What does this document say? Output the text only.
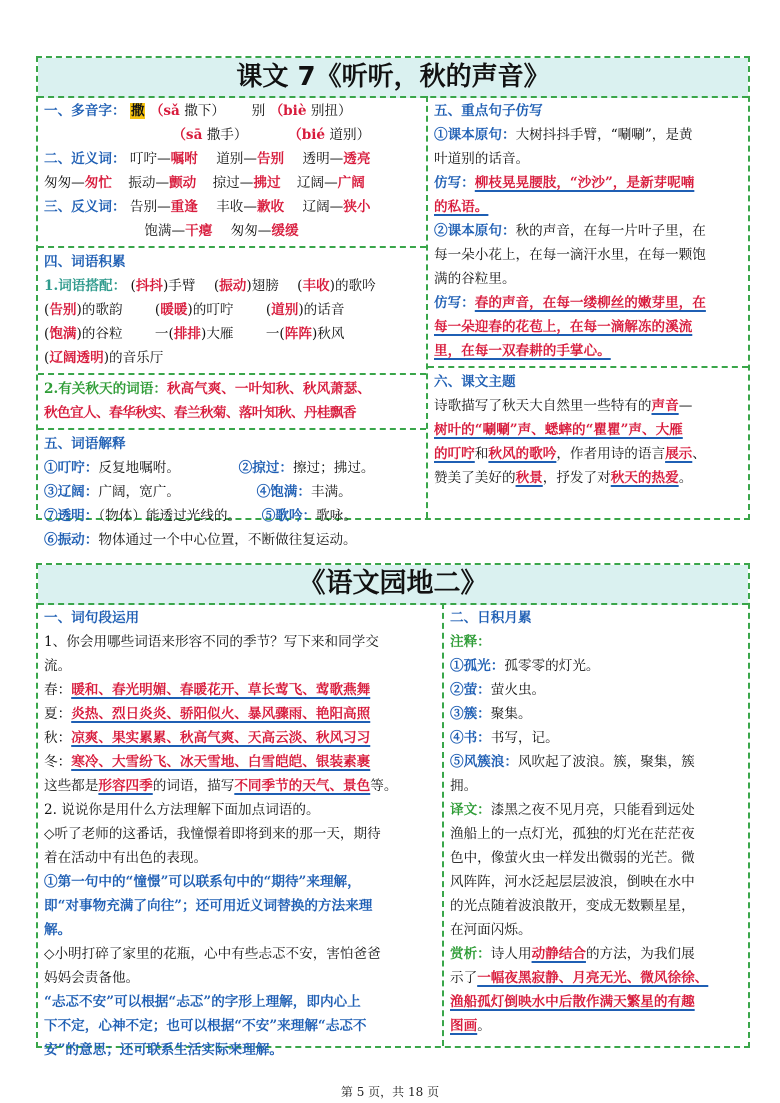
课文 7《听听，秋的声音》
一、多音字： 撒 （sǎ 撒下） 别 （biè 别扭）
（sā 撒手）	（bié 道别）
二、近义词： 叮咛—嘱咐 道别—告别 透明—透亮
匆匆—匆忙 振动—颤动 掠过—拂过 辽阔—广阔
三、反义词： 告别—重逢 丰收—歉收 辽阔—狭小
饱满—干瘪 匆匆—缓缓
四、词语积累
1.词语搭配： (抖抖)手臂 (振动)翅膀 (丰收)的歌吟
(告别)的歌韵 (暖暖)的叮咛 (道别)的话音
(饱满)的谷粒 一(排排)大雁 一(阵阵)秋风
(辽阔透明)的音乐厅
2.有关秋天的词语：秋高气爽、一叶知秋、秋风萧瑟、
秋色宜人、春华秋实、春兰秋菊、落叶知秋、丹桂飘香
五、词语解释
①叮咛：反复地嘱咐。	②掠过：擦过；拂过。
③辽阔：广阔，宽广。	④饱满：丰满。
⑦透明：（物体）能透过光线的。 ⑤歌吟：歌咏。
⑥振动：物体通过一个中心位置，不断做往复运动。
五、重点句子仿写
①课本原句：大树抖抖手臂，“唰唰”，是黄
叶道别的话音。
仿写：柳枝晃晃腰肢，“沙沙”，是新芽呢喃
的私语。
②课本原句：秋的声音，在每一片叶子里，在
每一朵小花上，在每一滴汗水里，在每一颗饱
满的谷粒里。
仿写：春的声音，在每一缕柳丝的嫩芽里，在
每一朵迎春的花苞上，在每一滴解冻的溪流
里，在每一双春耕的手掌心。
六、课文主题
诗歌描写了秋天大自然里一些特有的声音—
树叶的“唰唰”声、蟋蟀的“瞿瞿”声、大雁
的叮咛和秋风的歌吟，作者用诗的语言展示、
赞美了美好的秋景，抒发了对秋天的热爱。
《语文园地二》
一、词句段运用
1、你会用哪些词语来形容不同的季节？写下来和同学交
流。
春：暖和、春光明媚、春暖花开、草长莺飞、莺歌燕舞
夏：炎热、烈日炎炎、骄阳似火、暴风骤雨、艳阳高照
秋：凉爽、果实累累、秋高气爽、天高云淡、秋风习习
冬：寒冷、大雪纷飞、冰天雪地、白雪皑皑、银装素裹
这些都是形容四季的词语，描写不同季节的天气、景色等。
2. 说说你是用什么方法理解下面加点词语的。
◇听了老师的这番话，我憧憬着即将到来的那一天，期待
着在活动中有出色的表现。
①第一句中的“憧憬”可以联系句中的“期待”来理解，
即“对事物充满了向往”；还可用近义词替换的方法来理
解。
◇小明打碎了家里的花瓶，心中有些忐忑不安，害怕爸爸
妈妈会责备他。
“忐忑不安”可以根据“忐忑”的字形上理解，即内心上
下不定，心神不定；也可以根据“不安”来理解“忐忑不
安”的意思；还可联系生活实际来理解。
二、日积月累
注释：
①孤光：孤零零的灯光。
②萤：萤火虫。
③簇：聚集。
④书：书写，记。
⑤风簇浪：风吹起了波浪。簇，聚集，簇
拥。
译文：漆黑之夜不见月亮，只能看到远处
渔船上的一点灯光，孤独的灯光在茫茫夜
色中，像萤火虫一样发出微弱的光芒。微
风阵阵，河水泛起层层波浪，倒映在水中
的光点随着波浪散开，变成无数颗星星，
在河面闪烁。
赏析：诗人用动静结合的方法，为我们展
示了一幅夜黑寂静、月亮无光、微风徐徐、
渔船孤灯倒映水中后散作满天繁星的有趣
图画。
第 5 页，共 18 页
